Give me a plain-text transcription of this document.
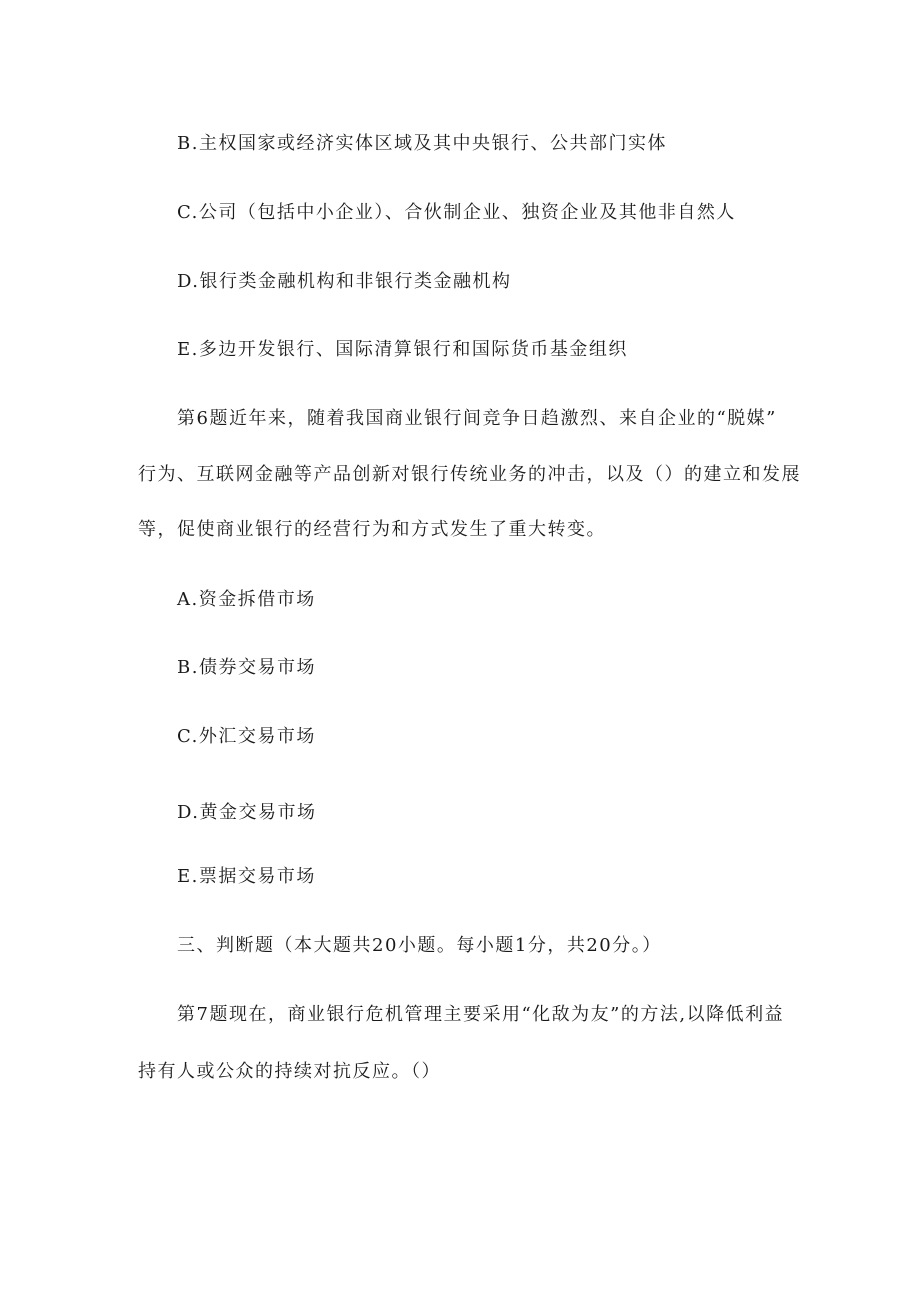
B.主权国家或经济实体区域及其中央银行、公共部门实体
C.公司（包括中小企业）、合伙制企业、独资企业及其他非自然人
D.银行类金融机构和非银行类金融机构
E.多边开发银行、国际清算银行和国际货币基金组织
第6题近年来，随着我国商业银行间竞争日趋激烈、来自企业的“脱媒”
行为、互联网金融等产品创新对银行传统业务的冲击，以及（）的建立和发展
等，促使商业银行的经营行为和方式发生了重大转变。
A.资金拆借市场
B.债券交易市场
C.外汇交易市场
D.黄金交易市场
E.票据交易市场
三、判断题（本大题共20小题。每小题1分，共20分。）
第7题现在，商业银行危机管理主要采用“化敌为友”的方法,以降低利益
持有人或公众的持续对抗反应。（）
